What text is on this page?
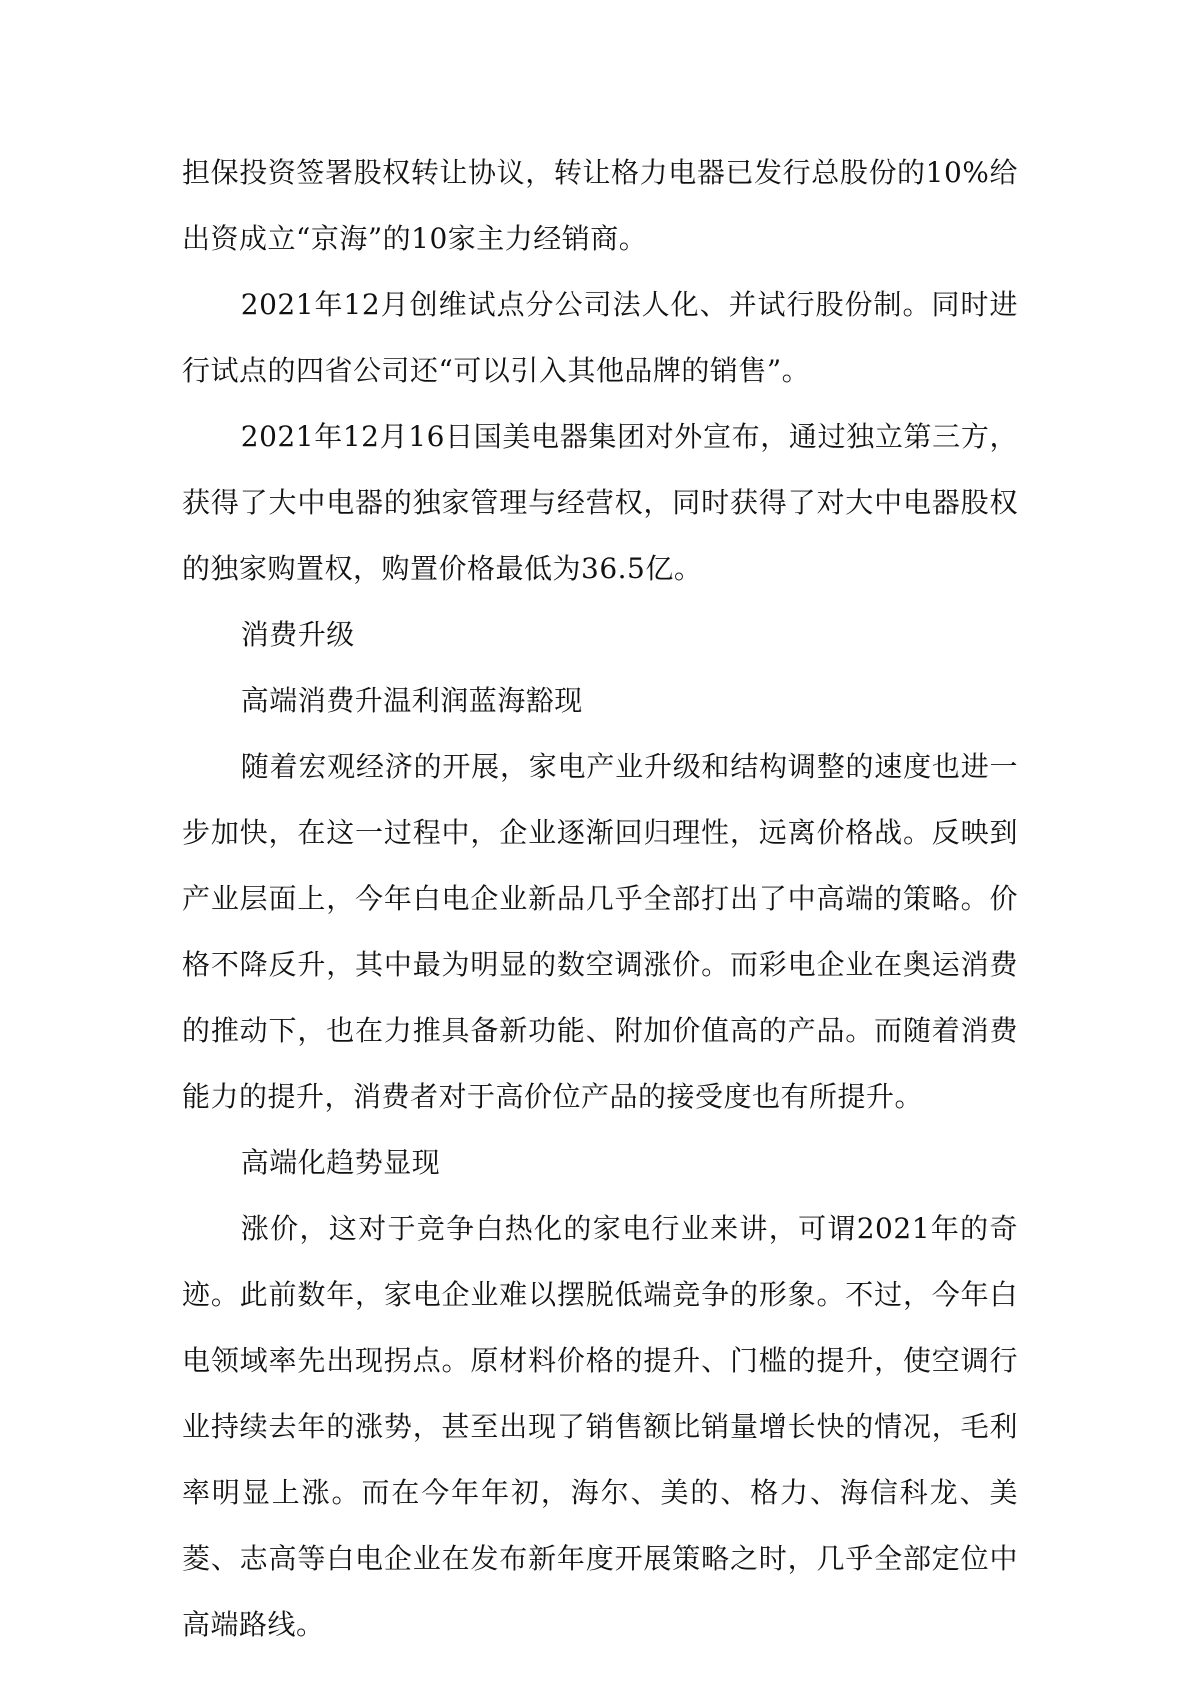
担保投资签署股权转让协议，转让格力电器已发行总股份的10%给出资成立“京海”的10家主力经销商。

2021年12月创维试点分公司法人化、并试行股份制。同时进行试点的四省公司还“可以引入其他品牌的销售”。

2021年12月16日国美电器集团对外宣布，通过独立第三方，获得了大中电器的独家管理与经营权，同时获得了对大中电器股权的独家购置权，购置价格最低为36.5亿。

消费升级

高端消费升温利润蓝海豁现

随着宏观经济的开展，家电产业升级和结构调整的速度也进一步加快，在这一过程中，企业逐渐回归理性，远离价格战。反映到产业层面上，今年白电企业新品几乎全部打出了中高端的策略。价格不降反升，其中最为明显的数空调涨价。而彩电企业在奥运消费的推动下，也在力推具备新功能、附加价值高的产品。而随着消费能力的提升，消费者对于高价位产品的接受度也有所提升。

高端化趋势显现

涨价，这对于竞争白热化的家电行业来讲，可谓2021年的奇迹。此前数年，家电企业难以摆脱低端竞争的形象。不过，今年白电领域率先出现拐点。原材料价格的提升、门槛的提升，使空调行业持续去年的涨势，甚至出现了销售额比销量增长快的情况，毛利率明显上涨。而在今年年初，海尔、美的、格力、海信科龙、美菱、志高等白电企业在发布新年度开展策略之时，几乎全部定位中高端路线。
